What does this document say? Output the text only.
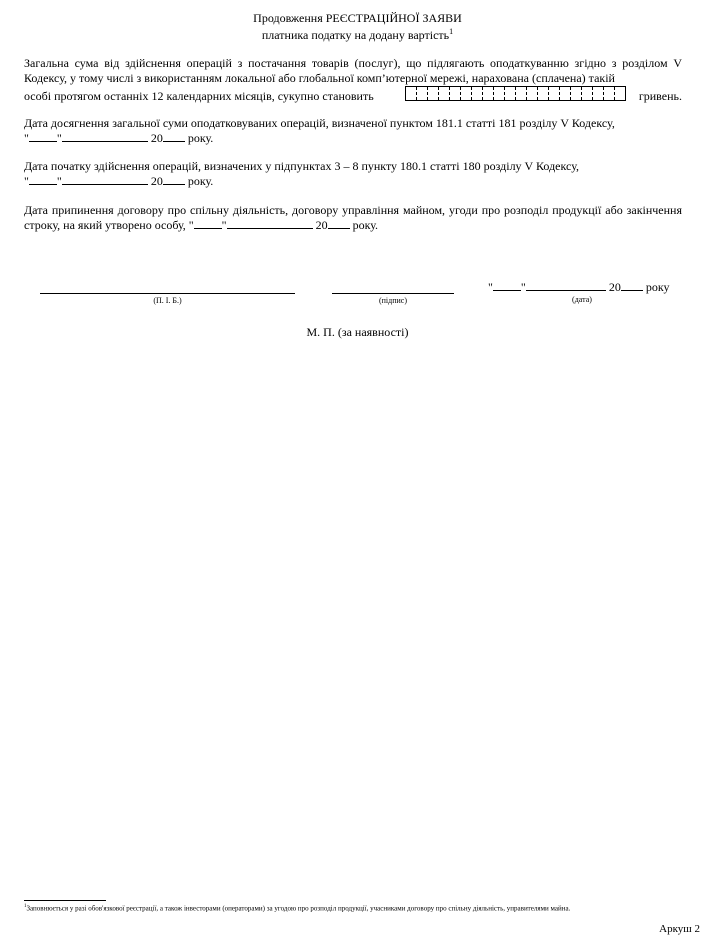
Продовження РЕЄСТРАЦІЙНОЇ ЗАЯВИ
платника податку на додану вартість$^1$
Загальна сума від здійснення операцій з постачання товарів (послуг), що підлягають оподаткуванню згідно з розділом V Кодексу, у тому числі з використанням локальної або глобальної комп’ютерної мережі, нарахована (сплачена) такій
особі протягом останніх 12 календарних місяців, сукупно становить	гривень.
Дата досягнення загальної суми оподатковуваних операцій, визначеної пунктом 181.1 статті 181 розділу V Кодексу,
" "	20 року.
Дата початку здійснення операцій, визначених у підпунктах 3 – 8 пункту 180.1 статті 180 розділу V Кодексу,
" "	20 року.
Дата припинення договору про спільну діяльність, договору управління майном, угоди про розподіл продукції або закінчення строку, на який утворено особу, " "	20 року.
(П. І. Б.)	(підпис)
" "	20 року
(дата)
М. П. (за наявності)
$^1$Заповнюється у разі обов'язкової реєстрації, а також інвесторами (операторами) за угодою про розподіл продукції, учасниками договору про спільну діяльність, управителями майна.
Аркуш 2
